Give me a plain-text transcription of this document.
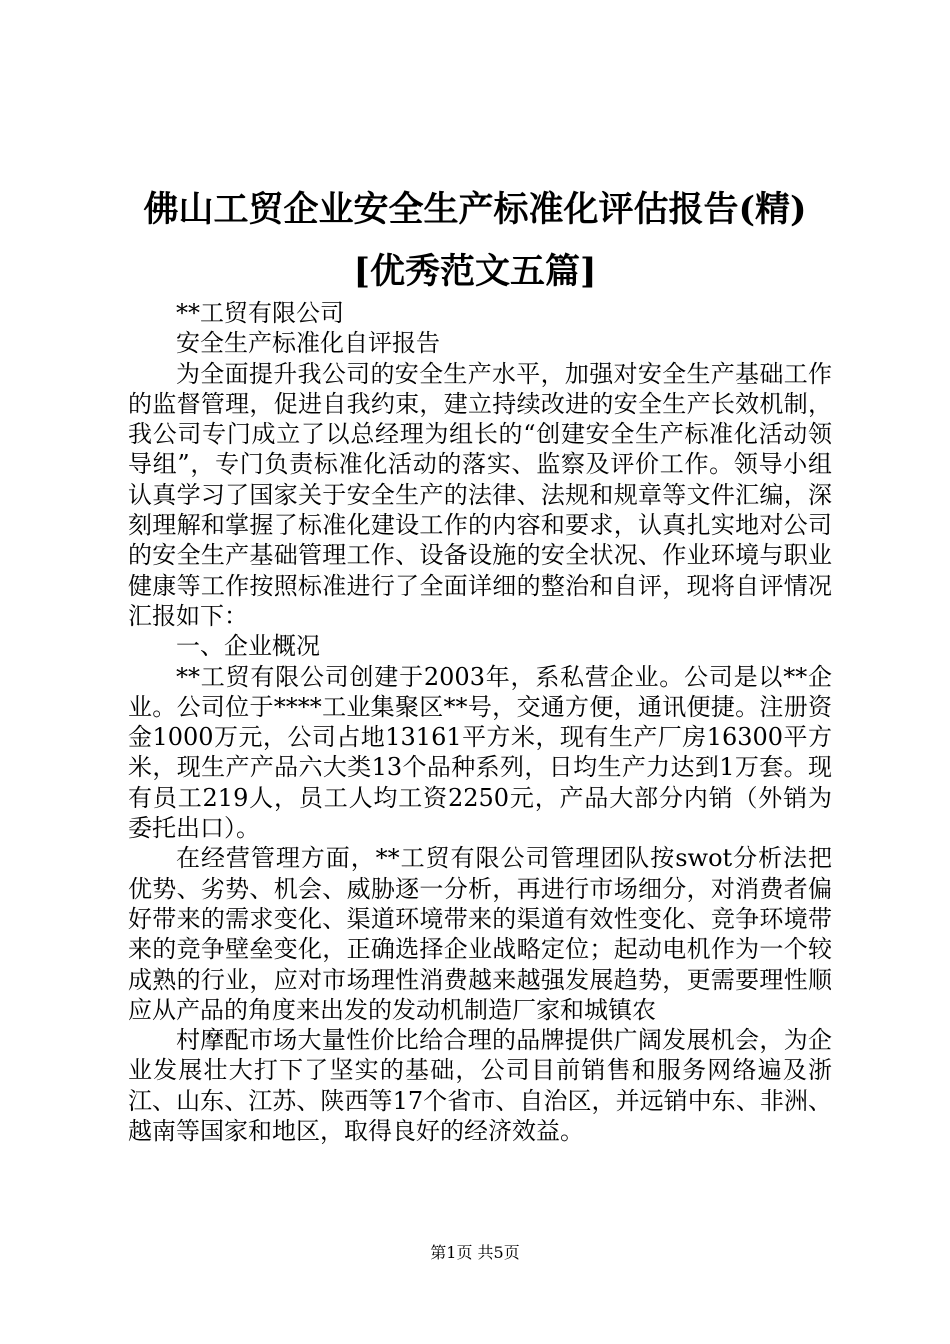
佛山工贸企业安全生产标准化评估报告(精)
[优秀范文五篇]

**工贸有限公司

安全生产标准化自评报告

为全面提升我公司的安全生产水平，加强对安全生产基础工作的监督管理，促进自我约束，建立持续改进的安全生产长效机制，我公司专门成立了以总经理为组长的“创建安全生产标准化活动领导组”，专门负责标准化活动的落实、监察及评价工作。领导小组认真学习了国家关于安全生产的法律、法规和规章等文件汇编，深刻理解和掌握了标准化建设工作的内容和要求，认真扎实地对公司的安全生产基础管理工作、设备设施的安全状况、作业环境与职业健康等工作按照标准进行了全面详细的整治和自评，现将自评情况汇报如下：

一、企业概况

**工贸有限公司创建于2003年，系私营企业。公司是以**企业。公司位于****工业集聚区**号，交通方便，通讯便捷。注册资金1000万元，公司占地13161平方米，现有生产厂房16300平方米，现生产产品六大类13个品种系列，日均生产力达到1万套。现有员工219人，员工人均工资2250元，产品大部分内销（外销为委托出口）。

在经营管理方面，**工贸有限公司管理团队按swot分析法把优势、劣势、机会、威胁逐一分析，再进行市场细分，对消费者偏好带来的需求变化、渠道环境带来的渠道有效性变化、竞争环境带来的竞争壁垒变化，正确选择企业战略定位；起动电机作为一个较成熟的行业，应对市场理性消费越来越强发展趋势，更需要理性顺应从产品的角度来出发的发动机制造厂家和城镇农

村摩配市场大量性价比给合理的品牌提供广阔发展机会，为企业发展壮大打下了坚实的基础，公司目前销售和服务网络遍及浙江、山东、江苏、陕西等17个省市、自治区，并远销中东、非洲、越南等国家和地区，取得良好的经济效益。

第1页 共5页
